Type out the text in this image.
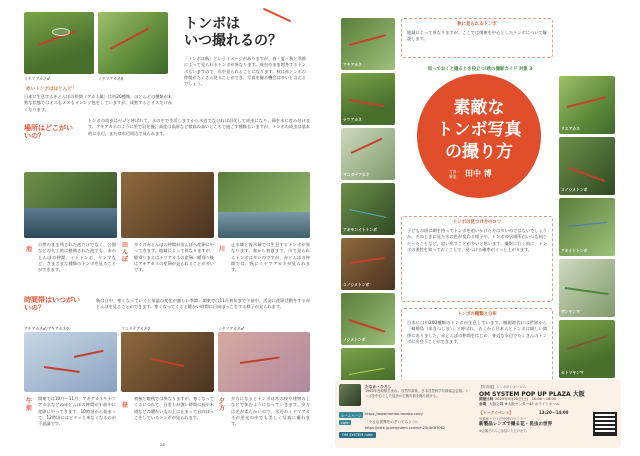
ミヤマアカネ♂	ミヤマアカネ♀
トンボは
いつ撮れるの？
「トンボは秋」というイメージがありますが、春・夏・秋と季節によって見られるトンボが異なります。成虫のまま越冬するトンボもいますので、年中見られることになります。秋は赤トンボの仲間がたくさん見ることができ、写真を撮る機会は多いと言えるでしょう。
赤いトンボはほとんど！
日本に生息する赤とんぼの仲間（アカネ属）は約20種類。ほとんどの種類が未熟な状態ではオスもメスもオレンジ色をしていますが、成熟するとオスだけ赤くなります。
場所はどこがいいの？
トンボの幼虫はヤゴと呼ばれて、水の中で生活しますから水辺でなければ羽化して成虫になり、卵を水に産み付けます。アキアカネのように里で羽化後、高度は高原など標高の高いところで過ごす種類もいますが、トンボの成虫は基本的に水辺、または水辺周辺で見られます。
池
自然のまま残された池だけでなく、公園などの人工的に整備された池でも、あかとんぼの仲間、イトトンボ、ヤンマなど、さまざまな種類のトンボを見ることができます。
田んぼ
多くの赤とんぼの仲間が田んぼへ産卵にやってきます。地域によって異なりますが、稲刈りまえはナツアカネの産卵、稲刈り後はアキアカネの産卵が見られることが多いです。
川
止水域と流水域では生息するトンボが異なります。春から初夏まで、川で見られるトンボは多いのですが、赤とんぼの仲間では、秋にミヤマアカネが見られます。
時間帯はいつがいいの？
秋は日中、寒くなっていくと気温の変化が激しい季節。関東では11月初旬まで午前中、活発に産卵活動をする赤とんぼを見ることができます。寒くなってくると暖かい時間に日向ぼっこをする様子が見られます。
アキアカネ♂/アキアカネ♀	マユタテアカネ♀	ミヤマアカネ♂
午前
関東では10月〜11月、アキアカネやナツアカネなどの赤とんぼの仲間が午前中に産卵にやってきます。10時頃から始まって、12時頃にはピタッと来なくなるのが不思議です。
昼
初秋と晩秋では異なりますが、寒くなってくるにつれて、日差しが強い時間に枝や木道などの暖かいもの上に止まって日向ぼっこをしているトンボが見られます。
夕方
夕方になるとトンボは木の枝や建物の上などで休むようになっていきます。夕方は光が柔らかいので、水辺のミヤマアカネが逆光の中でも美しく写真に撮れます。
26
アキアカネ
ナツアカネ
マユタテアカネ
アオモンイトトンボ
コノシメトンボ
ノシメトンボ
リスアカネ
コノシメトンボ
アオイトトンボ
ギンヤンマ
カトリヤンマ
秋に見られるトンボ
地域によって異なりますが、ここでは関東を中心としたトンボについて解説します。
知っておくと撮るとき役立つ!秋の撮影ガイド 対象 3
素敵な
トンボ写真
の撮り方
写真・解説	田中 博
トンボの見つけ方のコツ
子どもの頃に網を持ってトンボを追いかけた方は多いのではないでしょうか。そのときに見た水の色が変わる様子や、トンボの居場所がいつも同じだったことなど、思い出すことが多いと思います。撮影に行く前に、トンボの習性を知っておくことで、見つける確率がぐっと上がります。
トンボの種類と分布
日本には約200種類のトンボが生息しています。観測時代には世界から「蜻蛉島（あきつしま）」と呼ばれ、古くから日本人とトンボは親しい関係にありました。赤とんぼの仲間をはじめ、身近な水辺でたくさんのトンボに出会うことができます。
たなか・ひろし
1963年長崎県生まれ。自然写真家。日本自然科学写真協会会員。トンボを中心とした昆虫の生態写真を撮り続ける。
ホームページ	https://www.tombo-tanaka.com/
note	「小さな世界をのぞいてみよう!」
https://note.jp.omsystem.com/n/n23c4e3f3082
OM SYSTEM note
【写真展】トンボのシャーレム
OM SYSTEM POP UP PLAZA 大阪
開催日時 2025年9月20日(土)　10:00〜16:00
会場 大阪会場 ★大阪センター4F ホワイトホール
【トークイベント】	13:20〜14:00
写真家と行く田中博のセミナー
新製品レンズで撮る花・昆虫の世界
※会場でのみご参加いただけます。
